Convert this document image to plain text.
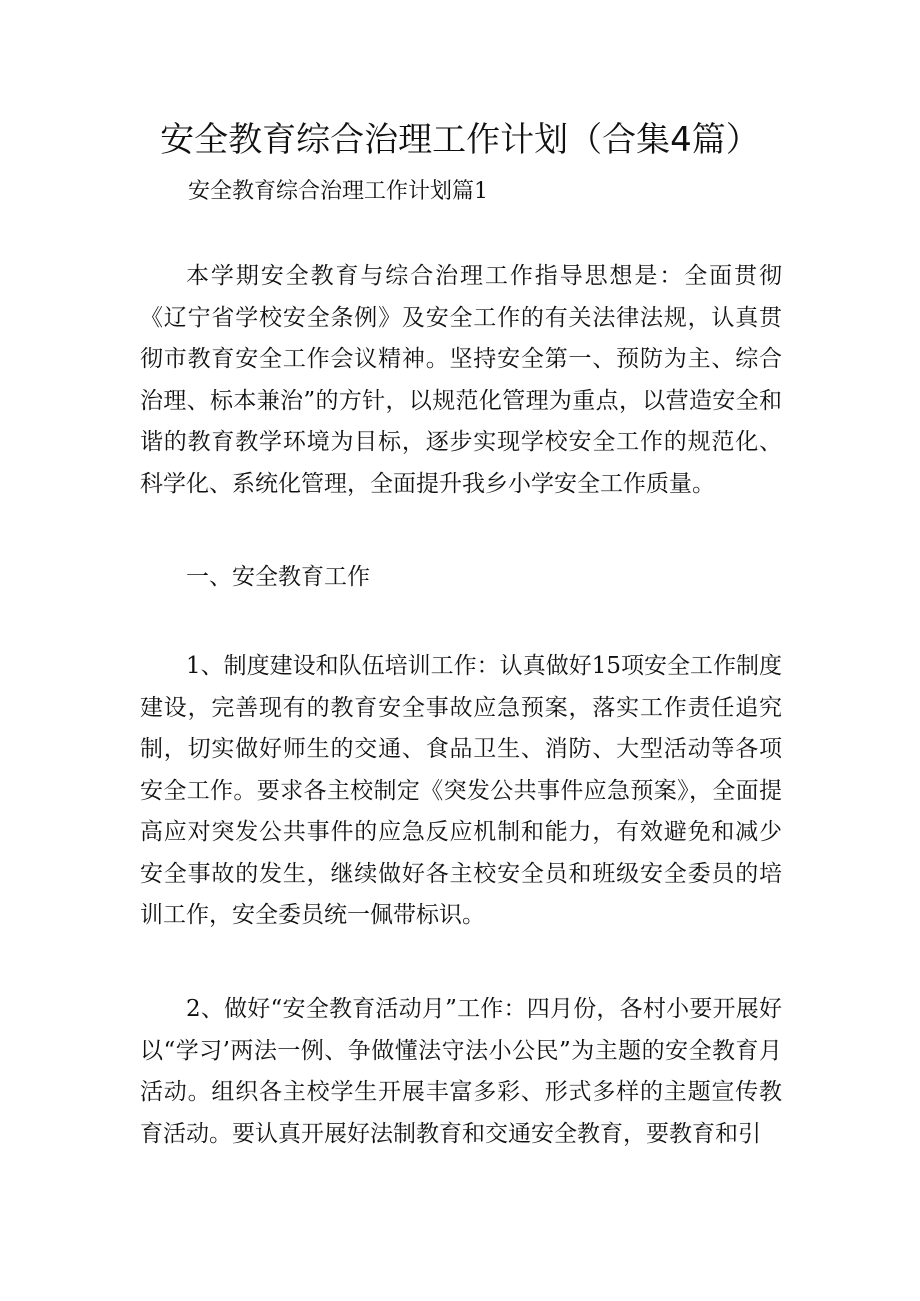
安全教育综合治理工作计划（合集4篇）

安全教育综合治理工作计划篇1

本学期安全教育与综合治理工作指导思想是：全面贯彻《辽宁省学校安全条例》及安全工作的有关法律法规，认真贯彻市教育安全工作会议精神。坚持安全第一、预防为主、综合治理、标本兼治”的方针，以规范化管理为重点，以营造安全和谐的教育教学环境为目标，逐步实现学校安全工作的规范化、科学化、系统化管理，全面提升我乡小学安全工作质量。

一、安全教育工作

1、制度建设和队伍培训工作：认真做好15项安全工作制度建设，完善现有的教育安全事故应急预案，落实工作责任追究制，切实做好师生的交通、食品卫生、消防、大型活动等各项安全工作。要求各主校制定《突发公共事件应急预案》，全面提高应对突发公共事件的应急反应机制和能力，有效避免和减少安全事故的发生，继续做好各主校安全员和班级安全委员的培训工作，安全委员统一佩带标识。

2、做好“安全教育活动月”工作：四月份，各村小要开展好以“学习’两法一例、争做懂法守法小公民”为主题的安全教育月活动。组织各主校学生开展丰富多彩、形式多样的主题宣传教育活动。要认真开展好法制教育和交通安全教育，要教育和引
